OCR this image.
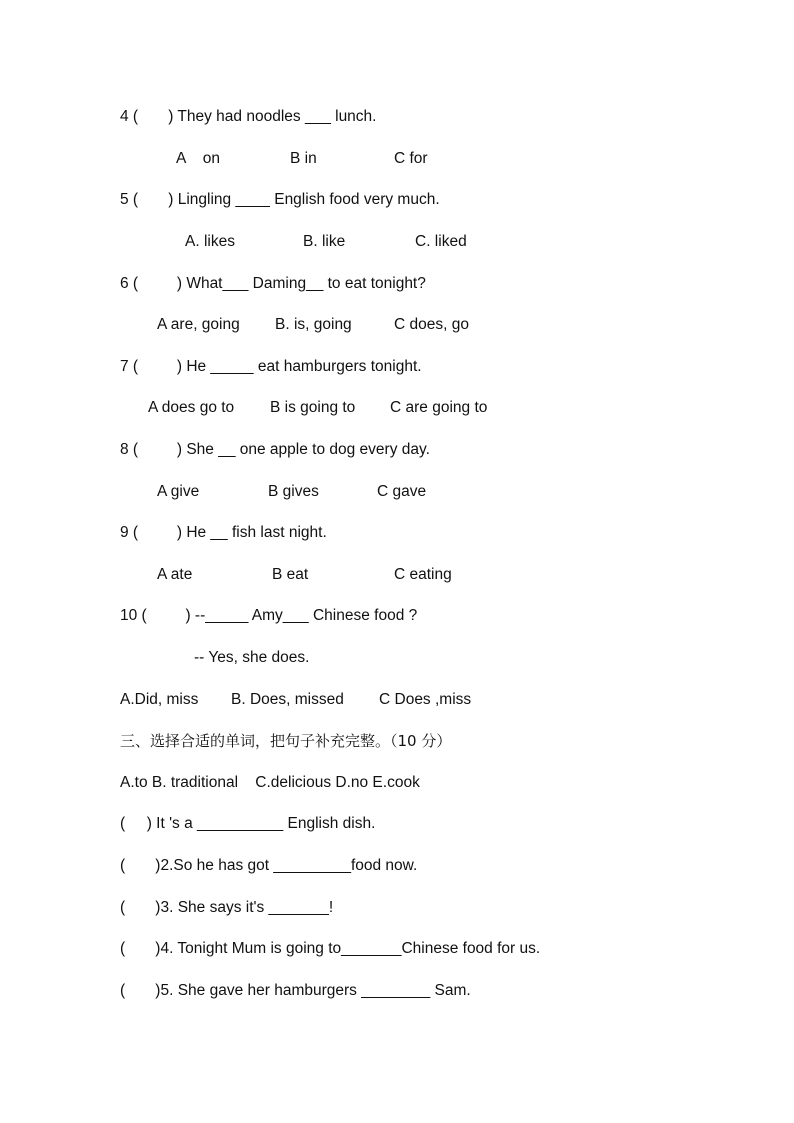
4 (       ) They had noodles ___ lunch.
A    on	B in	C for
5 (       ) Lingling ____ English food very much.
A. likes	B. like	C. liked
6 (         ) What___ Daming__ to eat tonight?
A are, going B. is, going	C does, go
7 (         ) He _____ eat hamburgers tonight.
A does go to B is going to C are going to
8 (         ) She __ one apple to dog every day.
A give	B gives	C gave
9 (         ) He __ fish last night.
A ate	B eat	C eating
10 (         ) --_____ Amy___ Chinese food ?
-- Yes, she does.
A.Did, miss B. Does, missed C Does ,miss
三、选择合适的单词，把句子补充完整。（10 分）
A.to B. traditional    C.delicious D.no E.cook
(     ) It 's a __________ English dish.
(       )2.So he has got _________food now.
(       )3. She says it's _______!
(       )4. Tonight Mum is going to_______Chinese food for us.
(       )5. She gave her hamburgers ________ Sam.
